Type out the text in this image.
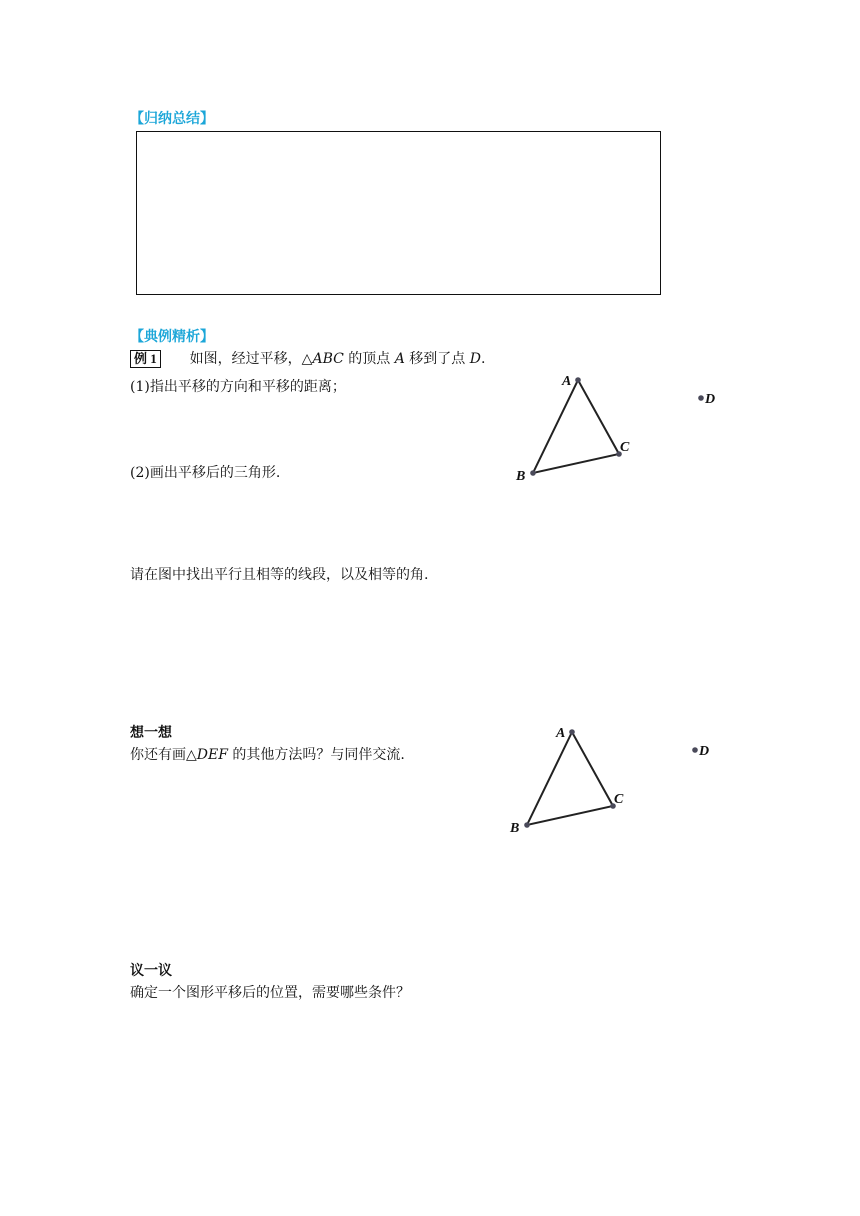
【归纳总结】
【典例精析】
例 1 如图，经过平移，△ABC 的顶点 A 移到了点 D.
(1)指出平移的方向和平移的距离；
(2)画出平移后的三角形.
请在图中找出平行且相等的线段，以及相等的角.
A
B
C
D
想一想
你还有画△DEF 的其他方法吗？与同伴交流.
A
B
C
D
议一议
确定一个图形平移后的位置，需要哪些条件？
